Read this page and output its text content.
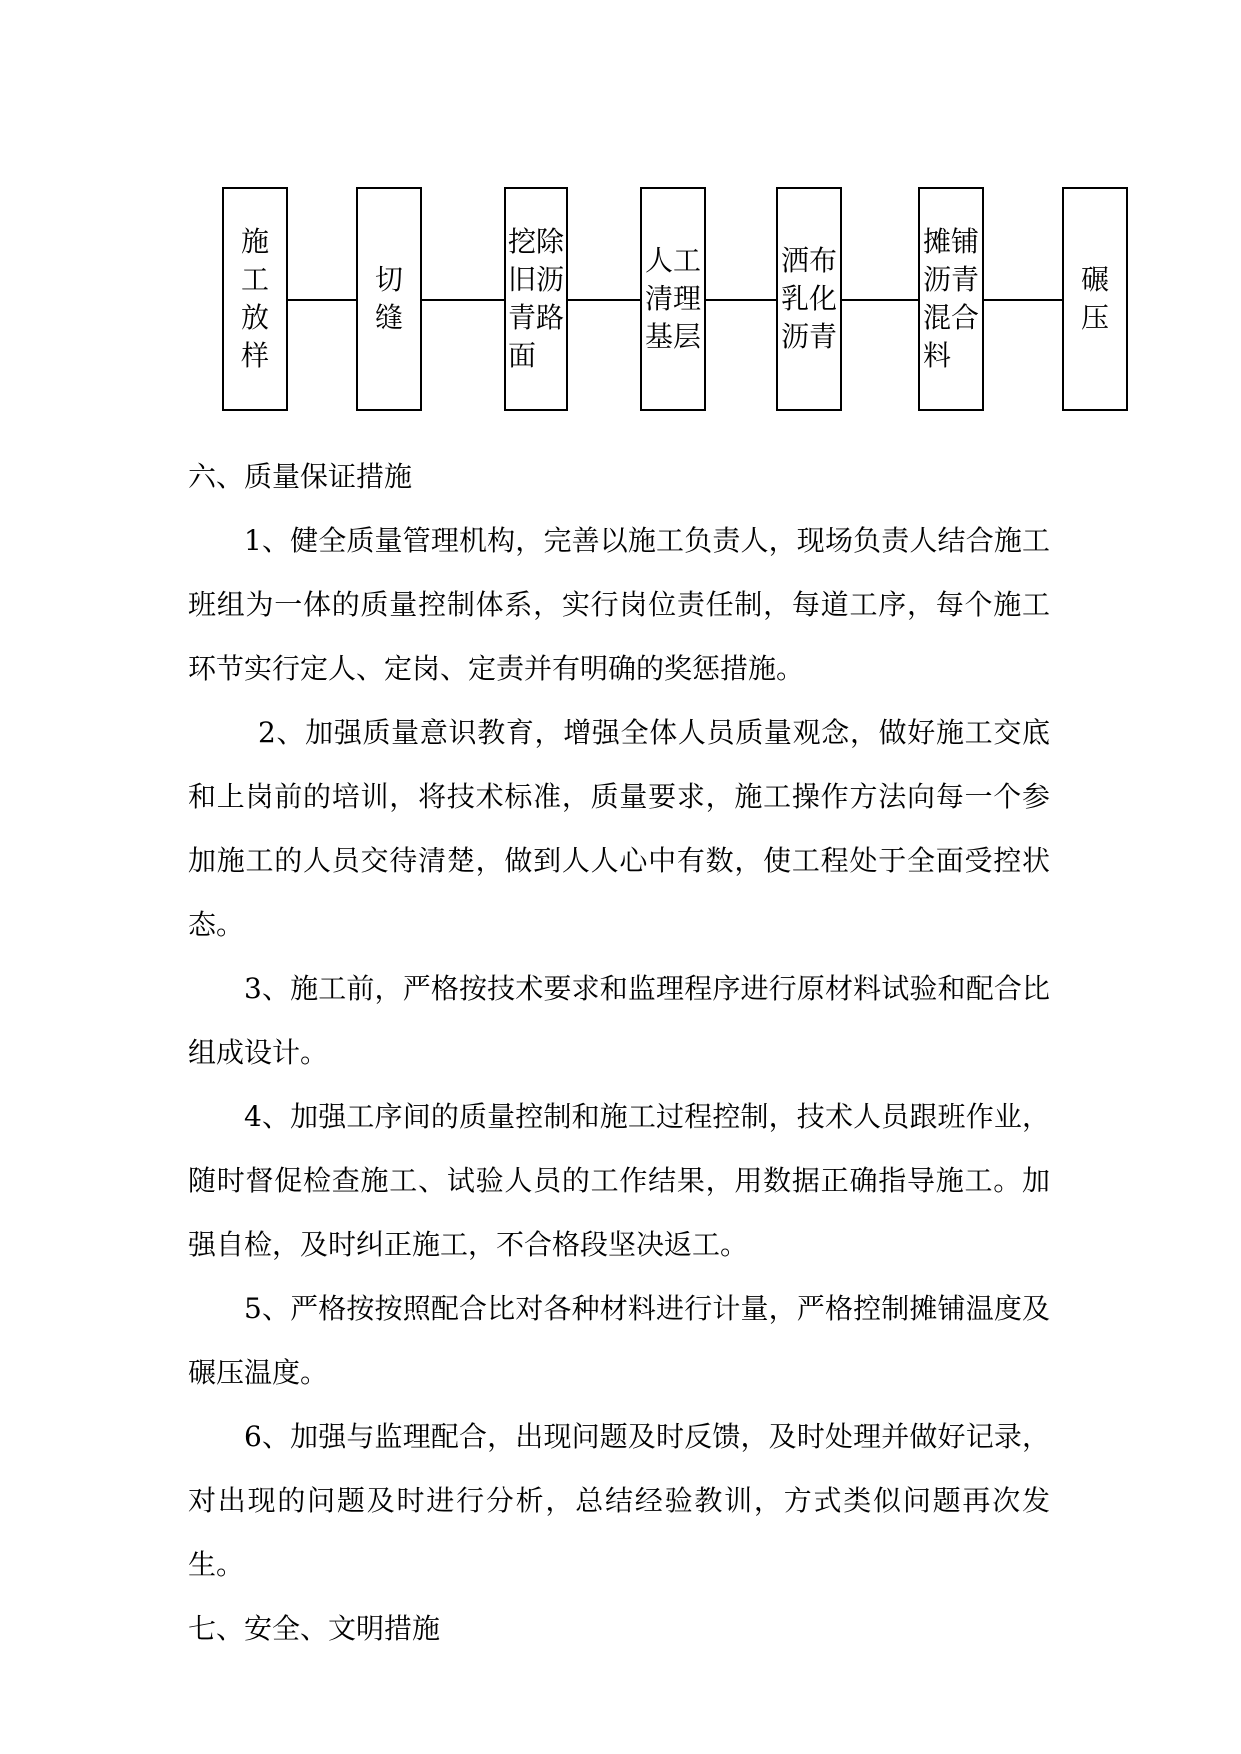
施
工
放
样
切
缝
挖除
旧沥
青路
面
人工
清理
基层
洒布
乳化
沥青
摊铺
沥青
混合
料
碾
压

六、质量保证措施

1、健全质量管理机构，完善以施工负责人，现场负责人结合施工班组为一体的质量控制体系，实行岗位责任制，每道工序，每个施工环节实行定人、定岗、定责并有明确的奖惩措施。

2、加强质量意识教育，增强全体人员质量观念，做好施工交底和上岗前的培训，将技术标准，质量要求，施工操作方法向每一个参加施工的人员交待清楚，做到人人心中有数，使工程处于全面受控状态。

3、施工前，严格按技术要求和监理程序进行原材料试验和配合比组成设计。

4、加强工序间的质量控制和施工过程控制，技术人员跟班作业，随时督促检查施工、试验人员的工作结果，用数据正确指导施工。加强自检，及时纠正施工，不合格段坚决返工。

5、严格按按照配合比对各种材料进行计量，严格控制摊铺温度及碾压温度。

6、加强与监理配合，出现问题及时反馈，及时处理并做好记录，对出现的问题及时进行分析，总结经验教训，方式类似问题再次发生。

七、安全、文明措施
